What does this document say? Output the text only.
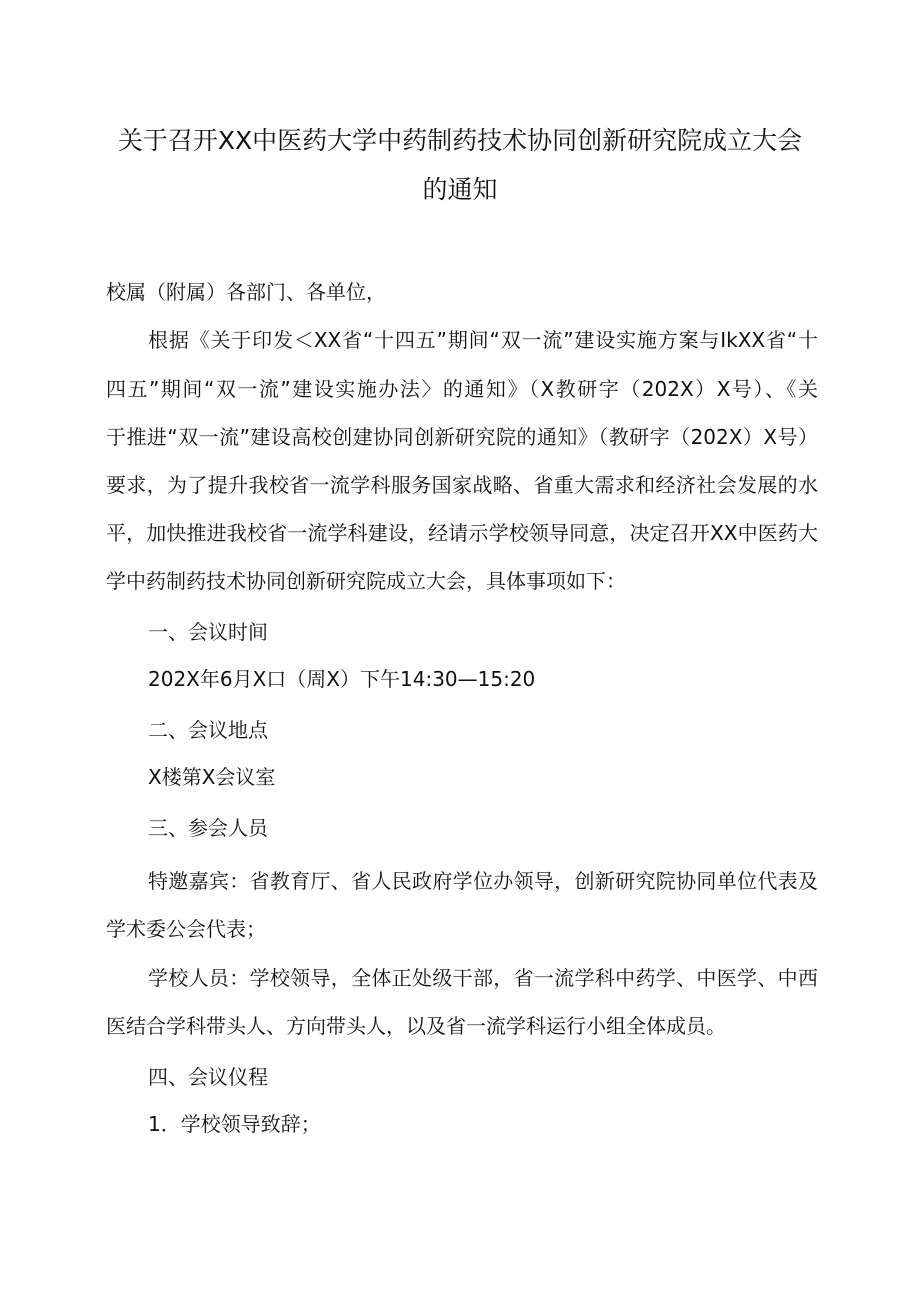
关于召开XX中医药大学中药制药技术协同创新研究院成立大会
的通知

校属（附属）各部门、各单位，

根据《关于印发＜XX省“十四五”期间“双一流”建设实施方案与IkXX省“十

四五”期间“双一流”建设实施办法〉的通知》（X教研字（202X）X号）、《关

于推进“双一流”建设高校创建协同创新研究院的通知》（教研字（202X）X号）

要求，为了提升我校省一流学科服务国家战略、省重大需求和经济社会发展的水

平，加快推进我校省一流学科建设，经请示学校领导同意，决定召开XX中医药大

学中药制药技术协同创新研究院成立大会，具体事项如下：

一、会议时间

202X年6月X口（周X）下午14:30—15:20

二、会议地点

X楼第X会议室

三、参会人员

特邀嘉宾：省教育厅、省人民政府学位办领导，创新研究院协同单位代表及

学术委公会代表；

学校人员：学校领导，全体正处级干部，省一流学科中药学、中医学、中西

医结合学科带头人、方向带头人，以及省一流学科运行小组全体成员。

四、会议仪程

1．学校领导致辞；
